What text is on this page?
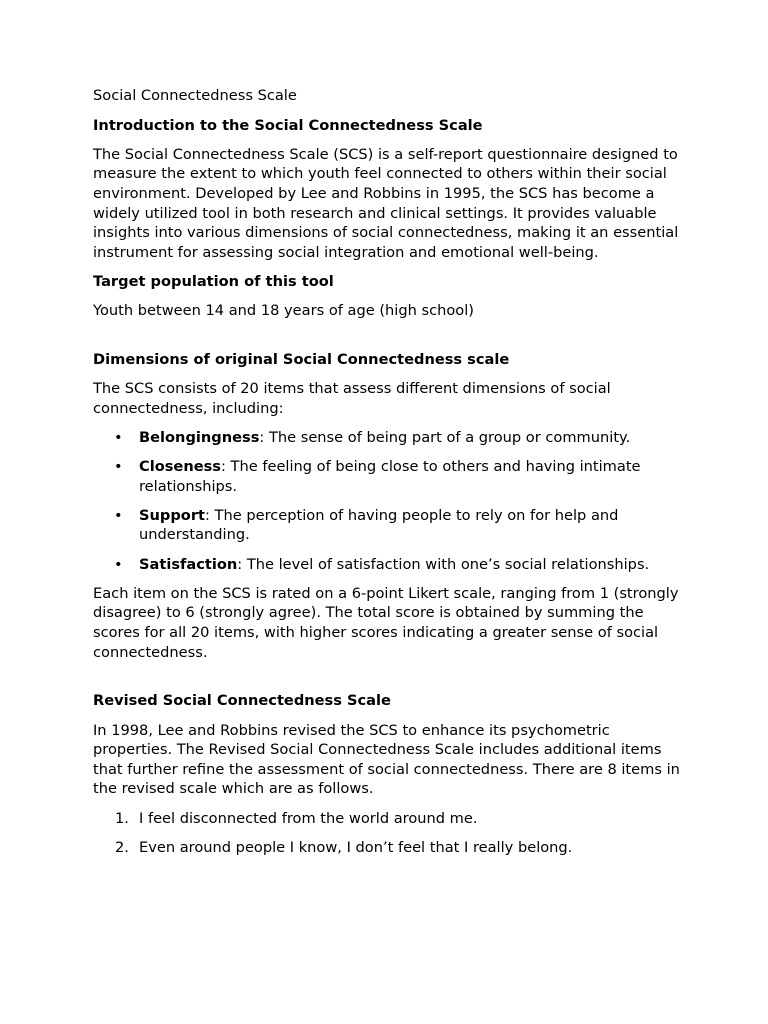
Social Connectedness Scale

Introduction to the Social Connectedness Scale

The Social Connectedness Scale (SCS) is a self-report questionnaire designed to measure the extent to which youth feel connected to others within their social environment. Developed by Lee and Robbins in 1995, the SCS has become a widely utilized tool in both research and clinical settings. It provides valuable insights into various dimensions of social connectedness, making it an essential instrument for assessing social integration and emotional well-being.

Target population of this tool

Youth between 14 and 18 years of age (high school)

Dimensions of original Social Connectedness scale

The SCS consists of 20 items that assess different dimensions of social connectedness, including:

• Belongingness: The sense of being part of a group or community.
• Closeness: The feeling of being close to others and having intimate relationships.
• Support: The perception of having people to rely on for help and understanding.
• Satisfaction: The level of satisfaction with one’s social relationships.

Each item on the SCS is rated on a 6-point Likert scale, ranging from 1 (strongly disagree) to 6 (strongly agree). The total score is obtained by summing the scores for all 20 items, with higher scores indicating a greater sense of social connectedness.

Revised Social Connectedness Scale

In 1998, Lee and Robbins revised the SCS to enhance its psychometric properties. The Revised Social Connectedness Scale includes additional items that further refine the assessment of social connectedness. There are 8 items in the revised scale which are as follows.

1. I feel disconnected from the world around me.
2. Even around people I know, I don’t feel that I really belong.
